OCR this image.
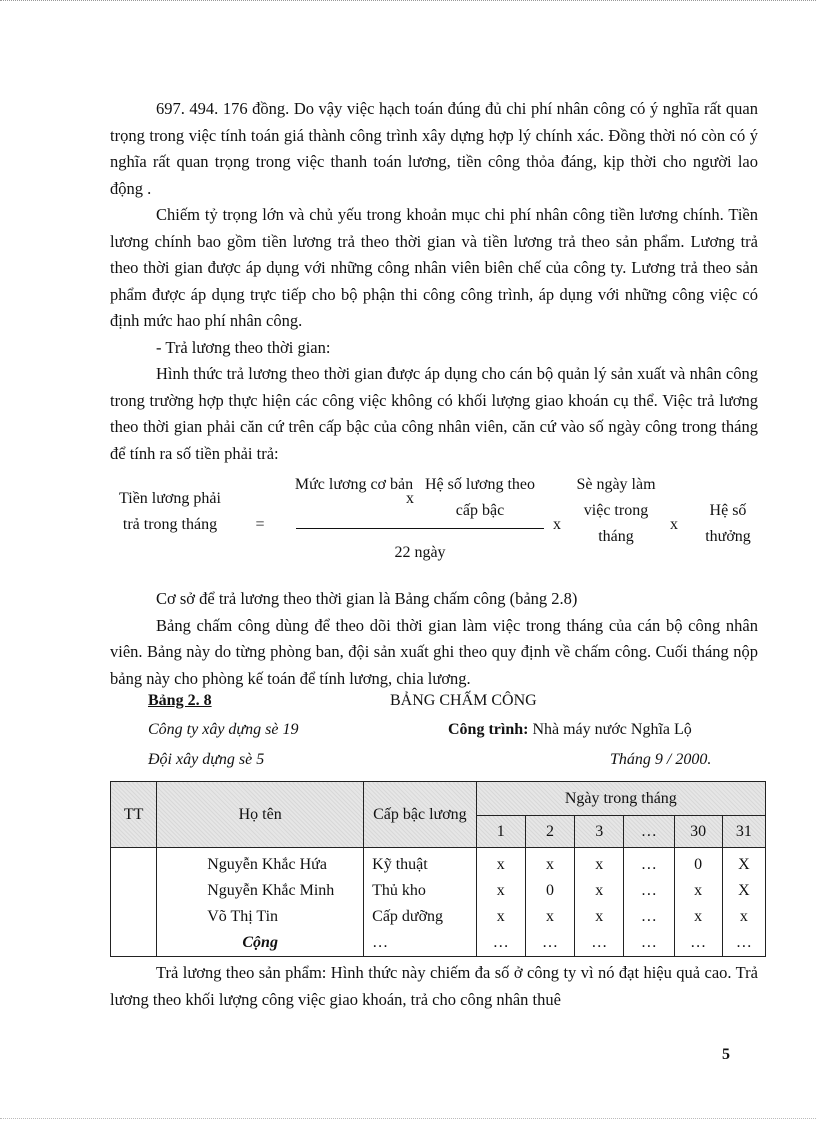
697. 494. 176 đồng. Do vậy việc hạch toán đúng đủ chi phí nhân công có ý nghĩa rất quan trọng trong việc tính toán giá thành công trình xây dựng hợp lý chính xác. Đồng thời nó còn có ý nghĩa rất quan trọng trong việc thanh toán lương, tiền công thỏa đáng, kịp thời cho người lao động .

Chiếm tỷ trọng lớn và chủ yếu trong khoản mục chi phí nhân công tiền lương chính. Tiền lương chính bao gồm tiền lương trả theo thời gian và tiền lương trả theo sản phẩm. Lương trả theo thời gian được áp dụng với những công nhân viên biên chế của công ty. Lương trả theo sản phẩm được áp dụng trực tiếp cho bộ phận thi công công trình, áp dụng với những công việc có định mức hao phí nhân công.

- Trả lương theo thời gian:

Hình thức trả lương theo thời gian được áp dụng cho cán bộ quản lý sản xuất và nhân công trong trường hợp thực hiện các công việc không có khối lượng giao khoán cụ thể. Việc trả lương theo thời gian phải căn cứ trên cấp bậc của công nhân viên, căn cứ vào số ngày công trong tháng để tính ra số tiền phải trả:

Tiền lương phải trả trong tháng	=
Mức lương cơ bản
x
Hệ số lương theo cấp bậc
22 ngày
x
Sè ngày làm việc trong tháng
x
Hệ số thưởng

Cơ sở để trả lương theo thời gian là Bảng chấm công (bảng 2.8)

Bảng chấm công dùng để theo dõi thời gian làm việc trong tháng của cán bộ công nhân viên. Bảng này do từng phòng ban, đội sản xuất ghi theo quy định về chấm công. Cuối tháng nộp bảng này cho phòng kế toán để tính lương, chia lương.

Bảng 2. 8	BẢNG CHẤM CÔNG
Công ty xây dựng sè 19	Công trình: Nhà máy nước Nghĩa Lộ
Đội xây dựng sè 5	Tháng 9 / 2000.
TT	Họ tên	Cấp bậc lương	Ngày trong tháng					
			1	2	3	…	30	31
	Nguyễn Khắc Hứa	Kỹ thuật	x	x	x	…	0	X
	Nguyễn Khắc Minh	Thủ kho	x	0	x	…	x	X
	Võ Thị Tin	Cấp dưỡng	x	x	x	…	x	x
	Cộng	…	…	…	…	…	…	…

Trả lương theo sản phẩm: Hình thức này chiếm đa số ở công ty vì nó đạt hiệu quả cao. Trả lương theo khối lượng công việc giao khoán, trả cho công nhân thuê

5
